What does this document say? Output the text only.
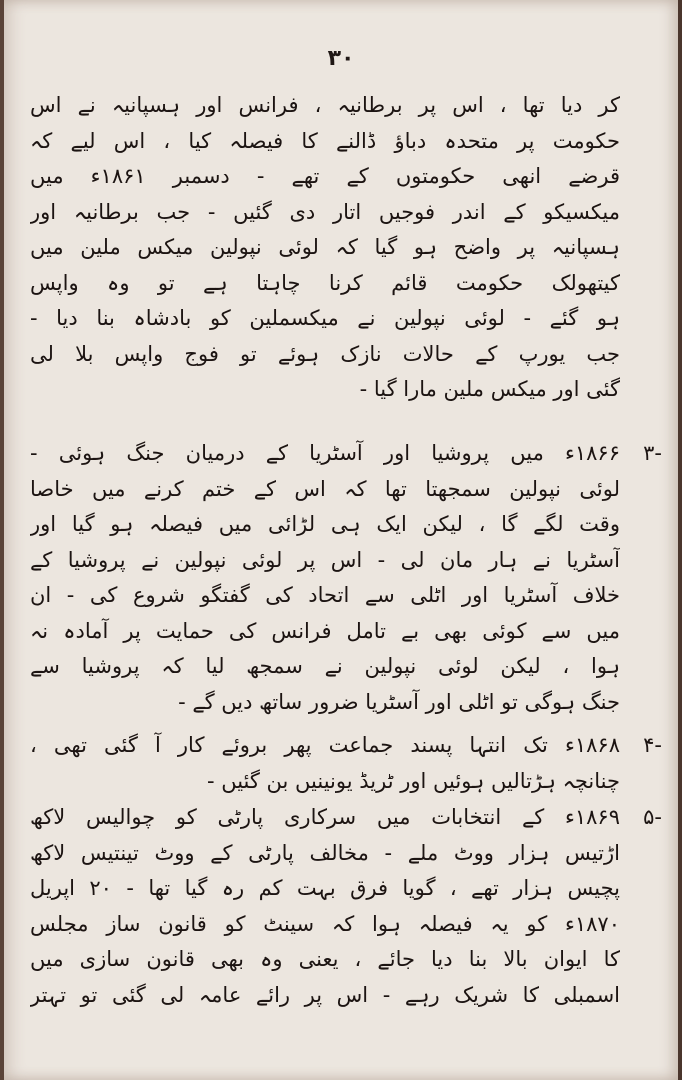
۳۰
کر دیا تھا ، اس پر برطانیہ ، فرانس اور ہسپانیہ نے اس
حکومت پر متحدہ دباؤ ڈالنے کا فیصلہ کیا ، اس لیے کہ
قرضے انھی حکومتوں کے تھے - دسمبر ۱۸۶۱ء میں
میکسیکو کے اندر فوجیں اتار دی گئیں - جب برطانیہ اور
ہسپانیہ پر واضح ہو گیا کہ لوئی نپولین میکس ملین میں
کیتھولک حکومت قائم کرنا چاہتا ہے تو وہ واپس
ہو گئے - لوئی نپولین نے میکسملین کو بادشاہ بنا دیا -
جب یورپ کے حالات نازک ہوئے تو فوج واپس بلا لی
گئی اور میکس ملین مارا گیا -
-۳
۱۸۶۶ء میں پروشیا اور آسٹریا کے درمیان جنگ ہوئی -
لوئی نپولین سمجھتا تھا کہ اس کے ختم کرنے میں خاصا
وقت لگے گا ، لیکن ایک ہی لڑائی میں فیصلہ ہو گیا اور
آسٹریا نے ہار مان لی - اس پر لوئی نپولین نے پروشیا کے
خلاف آسٹریا اور اٹلی سے اتحاد کی گفتگو شروع کی - ان
میں سے کوئی بھی بے تامل فرانس کی حمایت پر آمادہ نہ
ہوا ، لیکن لوئی نپولین نے سمجھ لیا کہ پروشیا سے
جنگ ہوگی تو اٹلی اور آسٹریا ضرور ساتھ دیں گے -
-۴
۱۸۶۸ء تک انتہا پسند جماعت پھر بروئے کار آ گئی تھی ،
چنانچہ ہڑتالیں ہوئیں اور ٹریڈ یونینیں بن گئیں -
-۵
۱۸۶۹ء کے انتخابات میں سرکاری پارٹی کو چوالیس لاکھ
اڑتیس ہزار ووٹ ملے - مخالف پارٹی کے ووٹ تینتیس لاکھ
پچیس ہزار تھے ، گویا فرق بہت کم رہ گیا تھا - ۲۰ اپریل
۱۸۷۰ء کو یہ فیصلہ ہوا کہ سینٹ کو قانون ساز مجلس
کا ایوان بالا بنا دیا جائے ، یعنی وہ بھی قانون سازی میں
اسمبلی کا شریک رہے - اس پر رائے عامہ لی گئی تو تہتر
